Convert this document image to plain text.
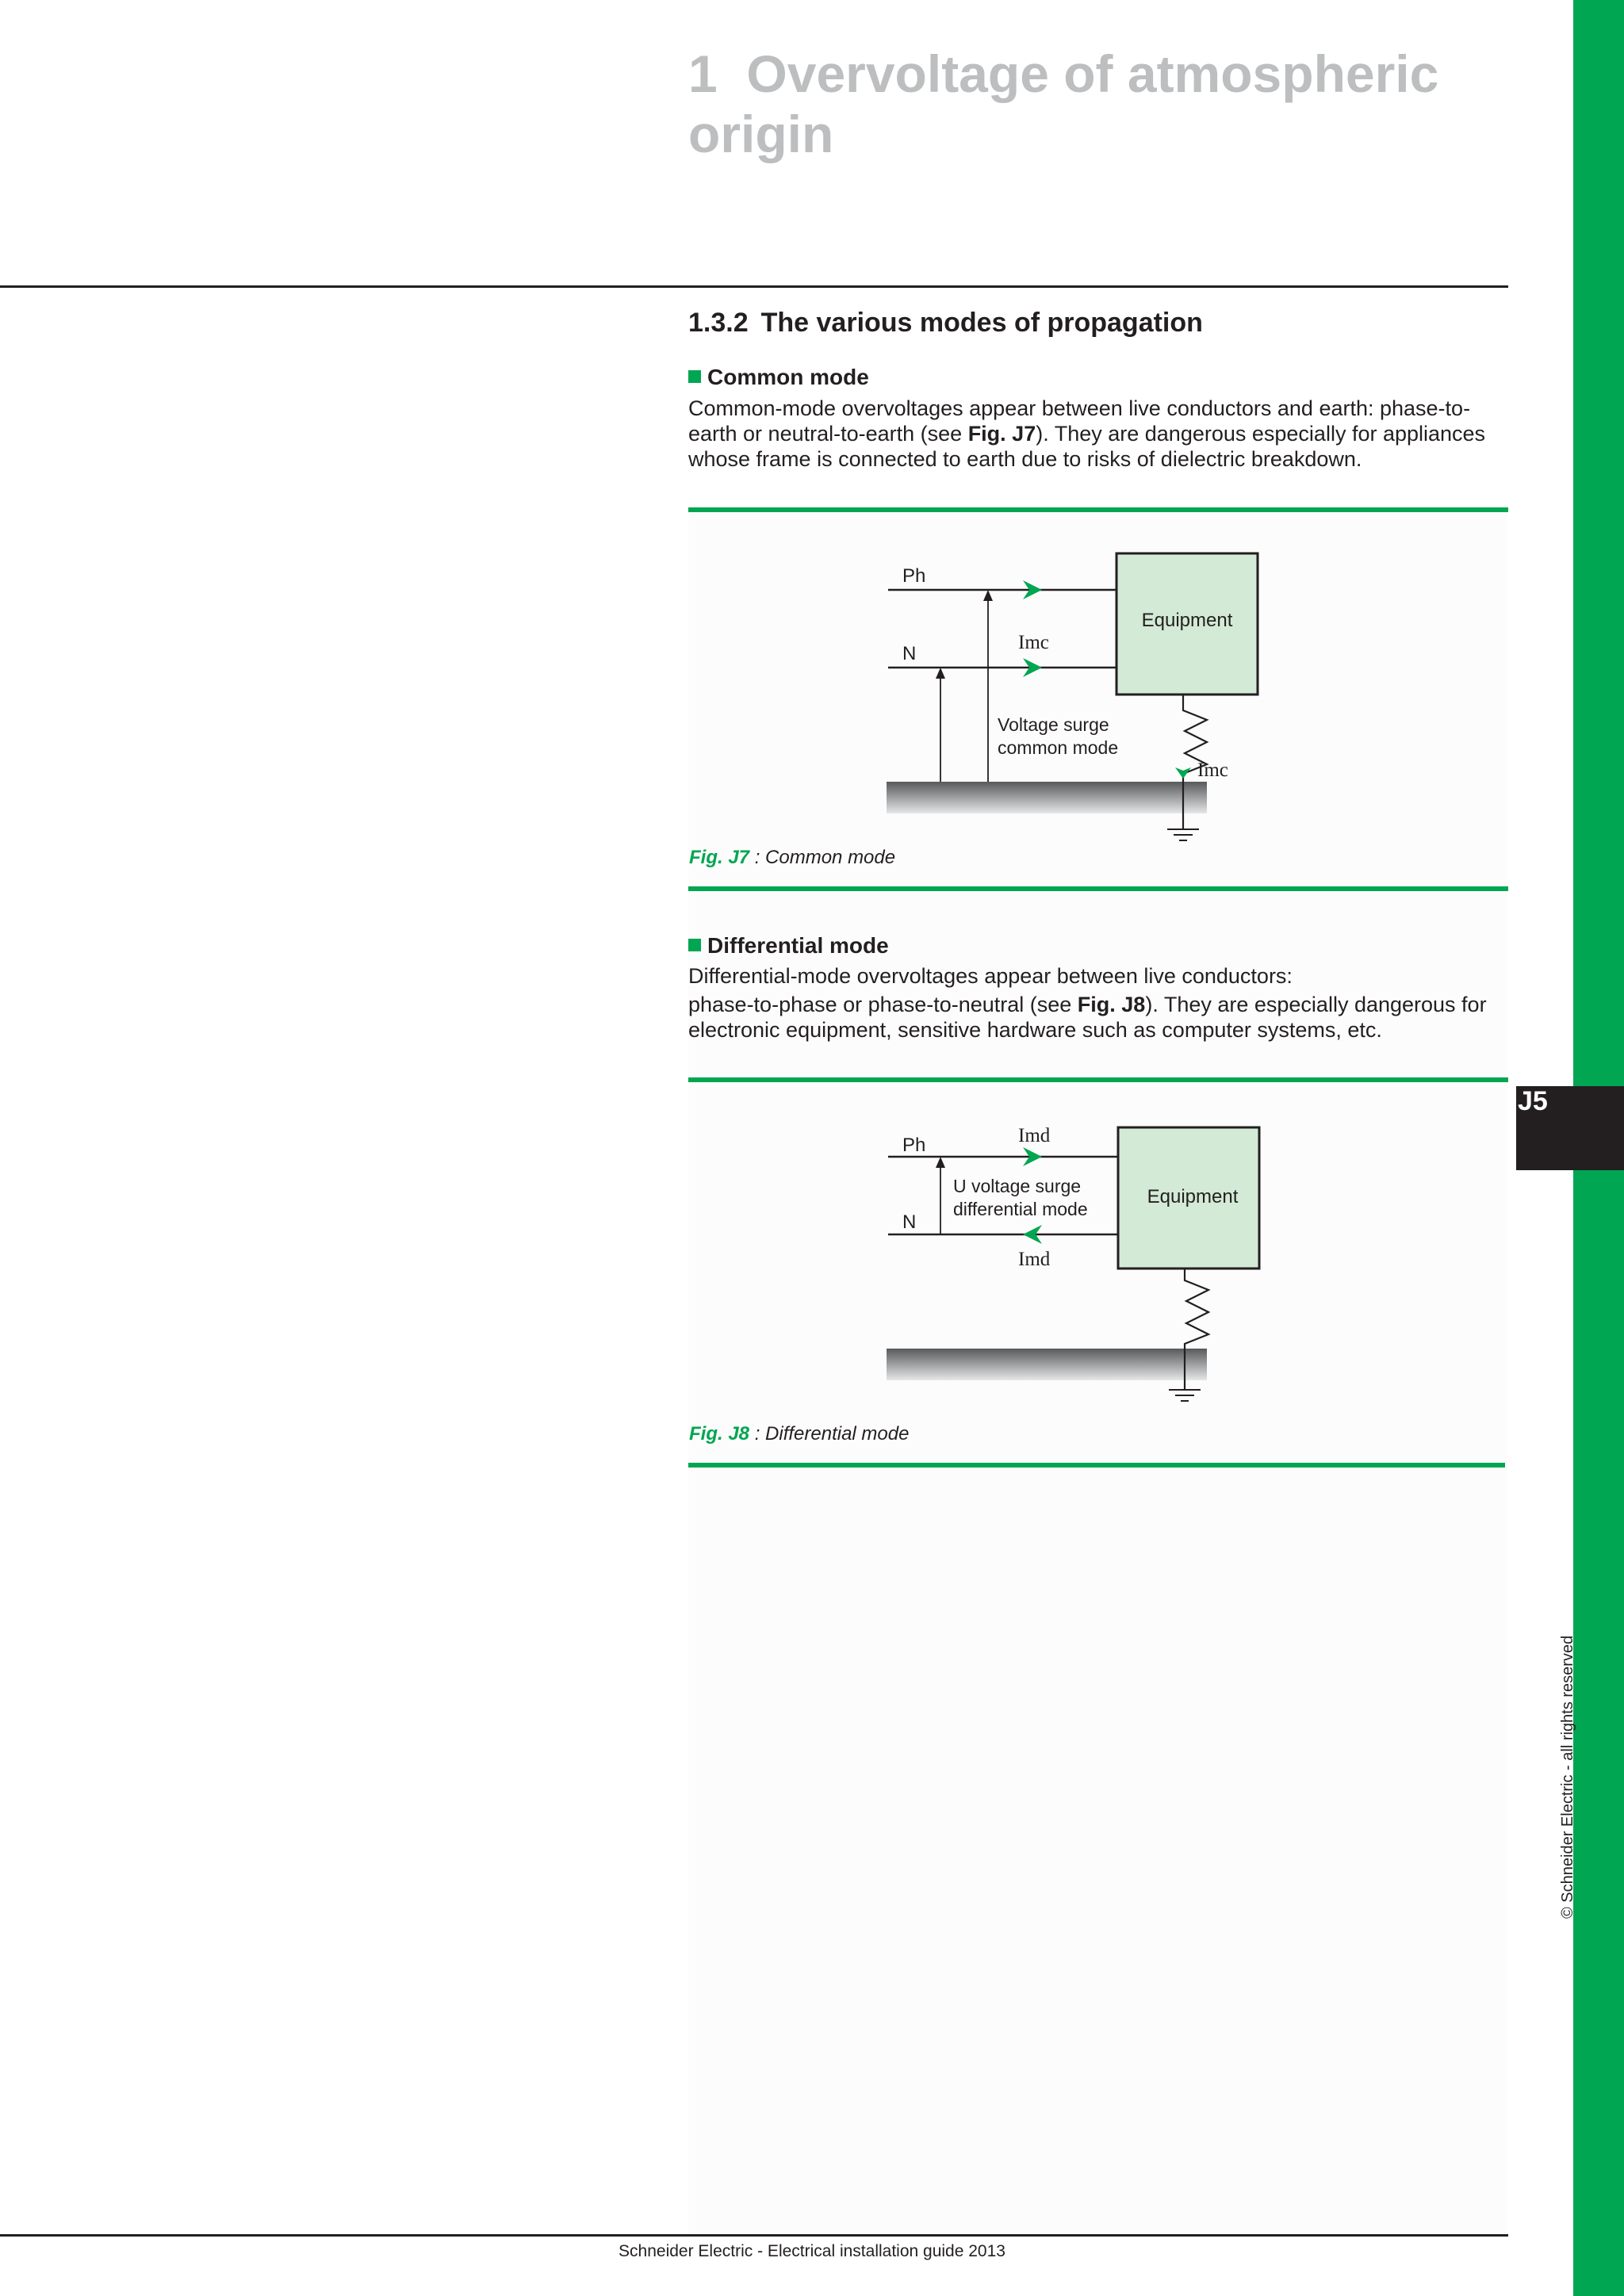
J5
© Schneider Electric - all rights reserved
1 Overvoltage of atmospheric origin
1.3.2 The various modes of propagation
Common mode
Common-mode overvoltages appear between live conductors and earth: phase-to-earth or neutral-to-earth (see Fig. J7). They are dangerous especially for appliances whose frame is connected to earth due to risks of dielectric breakdown.
Ph
N
Equipment
Imc
Imc
Voltage surge
common mode
Fig. J7 : Common mode
Differential mode
Differential-mode overvoltages appear between live conductors:
phase-to-phase or phase-to-neutral (see Fig. J8). They are especially dangerous for electronic equipment, sensitive hardware such as computer systems, etc.
Ph
N
Equipment
Imd
Imd
U voltage surge
differential mode
Fig. J8 : Differential mode
Schneider Electric - Electrical installation guide 2013
